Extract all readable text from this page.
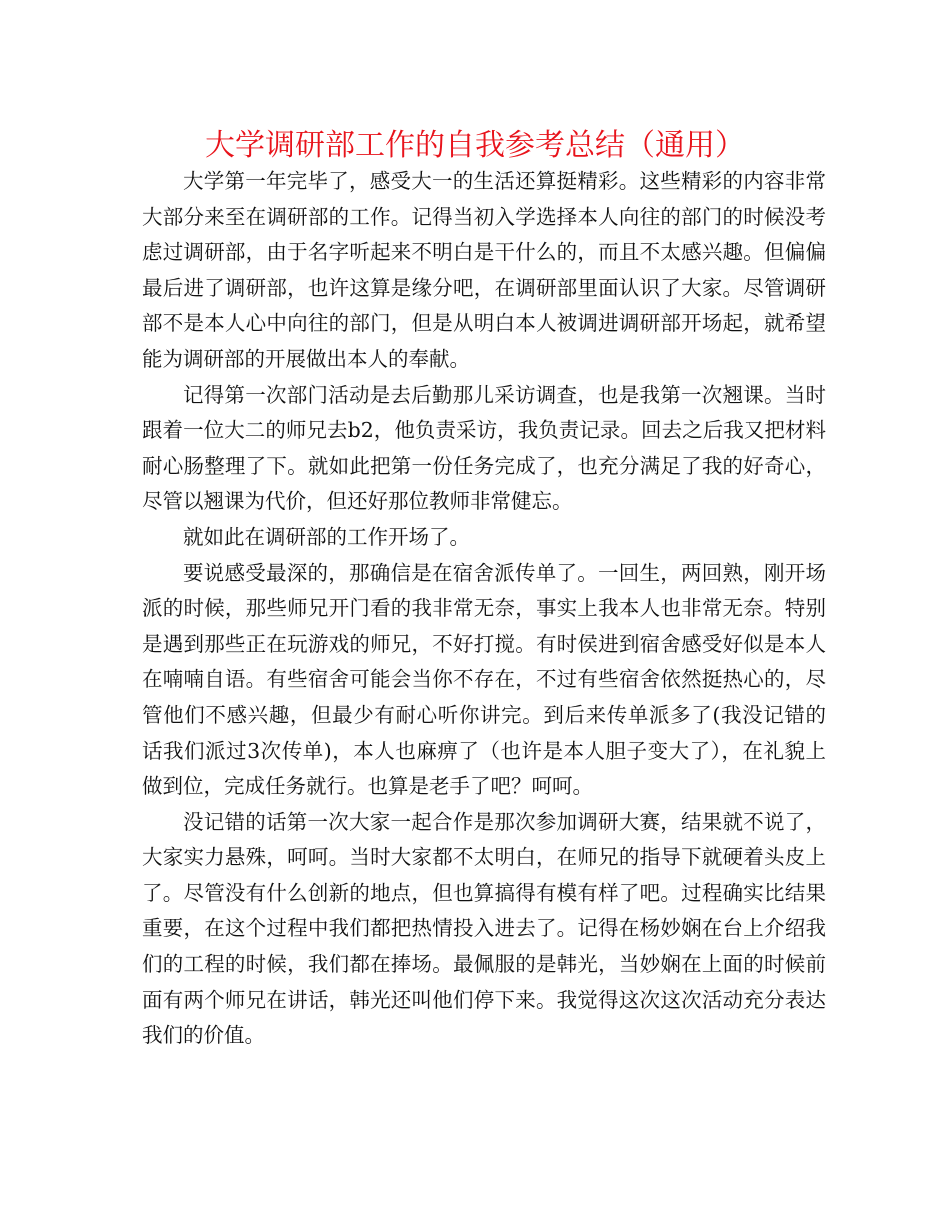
大学调研部工作的自我参考总结（通用）

大学第一年完毕了，感受大一的生活还算挺精彩。这些精彩的内容非常大部分来至在调研部的工作。记得当初入学选择本人向往的部门的时候没考虑过调研部，由于名字听起来不明白是干什么的，而且不太感兴趣。但偏偏最后进了调研部，也许这算是缘分吧，在调研部里面认识了大家。尽管调研部不是本人心中向往的部门，但是从明白本人被调进调研部开场起，就希望能为调研部的开展做出本人的奉献。

记得第一次部门活动是去后勤那儿采访调查，也是我第一次翘课。当时跟着一位大二的师兄去b2，他负责采访，我负责记录。回去之后我又把材料耐心肠整理了下。就如此把第一份任务完成了，也充分满足了我的好奇心，尽管以翘课为代价，但还好那位教师非常健忘。

就如此在调研部的工作开场了。

要说感受最深的，那确信是在宿舍派传单了。一回生，两回熟，刚开场派的时候，那些师兄开门看的我非常无奈，事实上我本人也非常无奈。特别是遇到那些正在玩游戏的师兄，不好打搅。有时侯进到宿舍感受好似是本人在喃喃自语。有些宿舍可能会当你不存在，不过有些宿舍依然挺热心的，尽管他们不感兴趣，但最少有耐心听你讲完。到后来传单派多了(我没记错的话我们派过3次传单)，本人也麻痹了（也许是本人胆子变大了），在礼貌上做到位，完成任务就行。也算是老手了吧？呵呵。

没记错的话第一次大家一起合作是那次参加调研大赛，结果就不说了，大家实力悬殊，呵呵。当时大家都不太明白，在师兄的指导下就硬着头皮上了。尽管没有什么创新的地点，但也算搞得有模有样了吧。过程确实比结果重要，在这个过程中我们都把热情投入进去了。记得在杨妙娴在台上介绍我们的工程的时候，我们都在捧场。最佩服的是韩光，当妙娴在上面的时候前面有两个师兄在讲话，韩光还叫他们停下来。我觉得这次这次活动充分表达我们的价值。
